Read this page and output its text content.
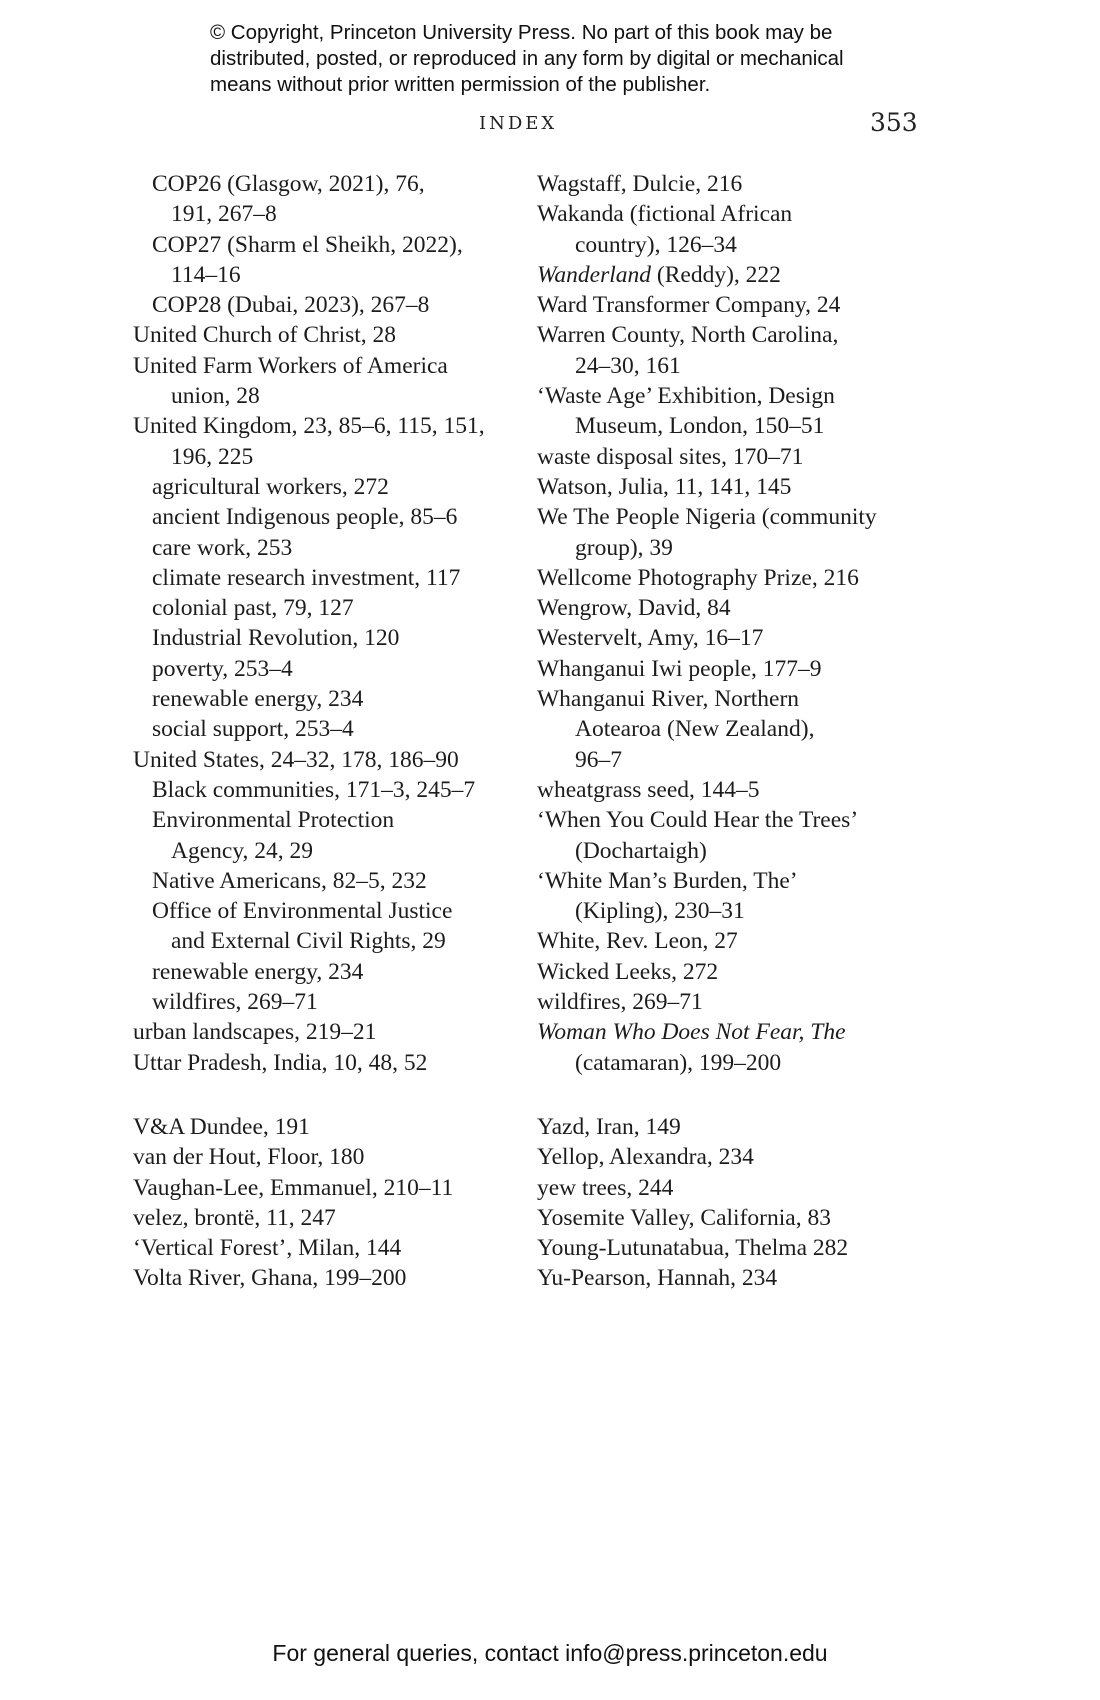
© Copyright, Princeton University Press. No part of this book may be
distributed, posted, or reproduced in any form by digital or mechanical
means without prior written permission of the publisher.
INDEX	353
COP26 (Glasgow, 2021), 76,
191, 267–8
COP27 (Sharm el Sheikh, 2022),
114–16
COP28 (Dubai, 2023), 267–8
United Church of Christ, 28
United Farm Workers of America
union, 28
United Kingdom, 23, 85–6, 115, 151,
196, 225
agricultural workers, 272
ancient Indigenous people, 85–6
care work, 253
climate research investment, 117
colonial past, 79, 127
Industrial Revolution, 120
poverty, 253–4
renewable energy, 234
social support, 253–4
United States, 24–32, 178, 186–90
Black communities, 171–3, 245–7
Environmental Protection
Agency, 24, 29
Native Americans, 82–5, 232
Office of Environmental Justice
and External Civil Rights, 29
renewable energy, 234
wildfires, 269–71
urban landscapes, 219–21
Uttar Pradesh, India, 10, 48, 52
V&A Dundee, 191
van der Hout, Floor, 180
Vaughan-Lee, Emmanuel, 210–11
velez, brontë, 11, 247
‘Vertical Forest’, Milan, 144
Volta River, Ghana, 199–200
Wagstaff, Dulcie, 216
Wakanda (fictional African
country), 126–34
Wanderland (Reddy), 222
Ward Transformer Company, 24
Warren County, North Carolina,
24–30, 161
‘Waste Age’ Exhibition, Design
Museum, London, 150–51
waste disposal sites, 170–71
Watson, Julia, 11, 141, 145
We The People Nigeria (community
group), 39
Wellcome Photography Prize, 216
Wengrow, David, 84
Westervelt, Amy, 16–17
Whanganui Iwi people, 177–9
Whanganui River, Northern
Aotearoa (New Zealand),
96–7
wheatgrass seed, 144–5
‘When You Could Hear the Trees’
(Dochartaigh)
‘White Man’s Burden, The’
(Kipling), 230–31
White, Rev. Leon, 27
Wicked Leeks, 272
wildfires, 269–71
Woman Who Does Not Fear, The
(catamaran), 199–200
Yazd, Iran, 149
Yellop, Alexandra, 234
yew trees, 244
Yosemite Valley, California, 83
Young-Lutunatabua, Thelma 282
Yu-Pearson, Hannah, 234
For general queries, contact info@press.princeton.edu
